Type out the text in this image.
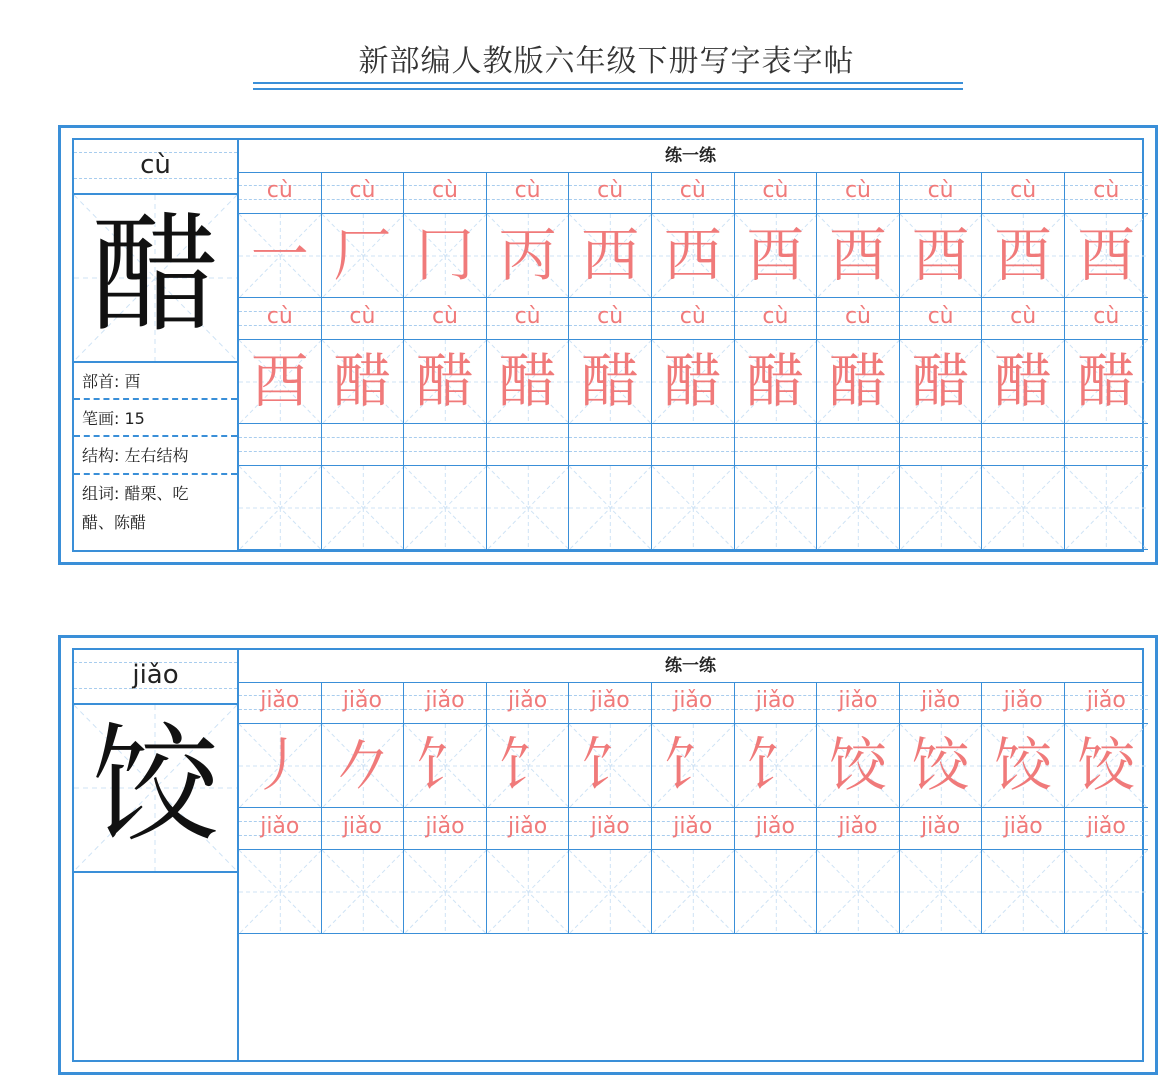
新部编人教版六年级下册写字表字帖
cù
醋
部首: 酉
笔画: 15
结构: 左右结构
组词: 醋栗、吃醋、陈醋
练一练
cù	cù	cù	cù	cù	cù	cù	cù	cù	cù	cù
一 厂 冂 丙 西 西 酉 酉 酉 酉 酉
cù	cù	cù	cù	cù	cù	cù	cù	cù	cù	cù
酉 醋 醋 醋 醋 醋 醋 醋 醋 醋 醋
jiǎo
饺
练一练
jiǎo	jiǎo	jiǎo	jiǎo	jiǎo	jiǎo	jiǎo	jiǎo	jiǎo	jiǎo	jiǎo
丿 𠂊 饣 饣 饣 饣 饣 饺 饺 饺 饺
jiǎo	jiǎo	jiǎo	jiǎo	jiǎo	jiǎo	jiǎo	jiǎo	jiǎo	jiǎo	jiǎo
